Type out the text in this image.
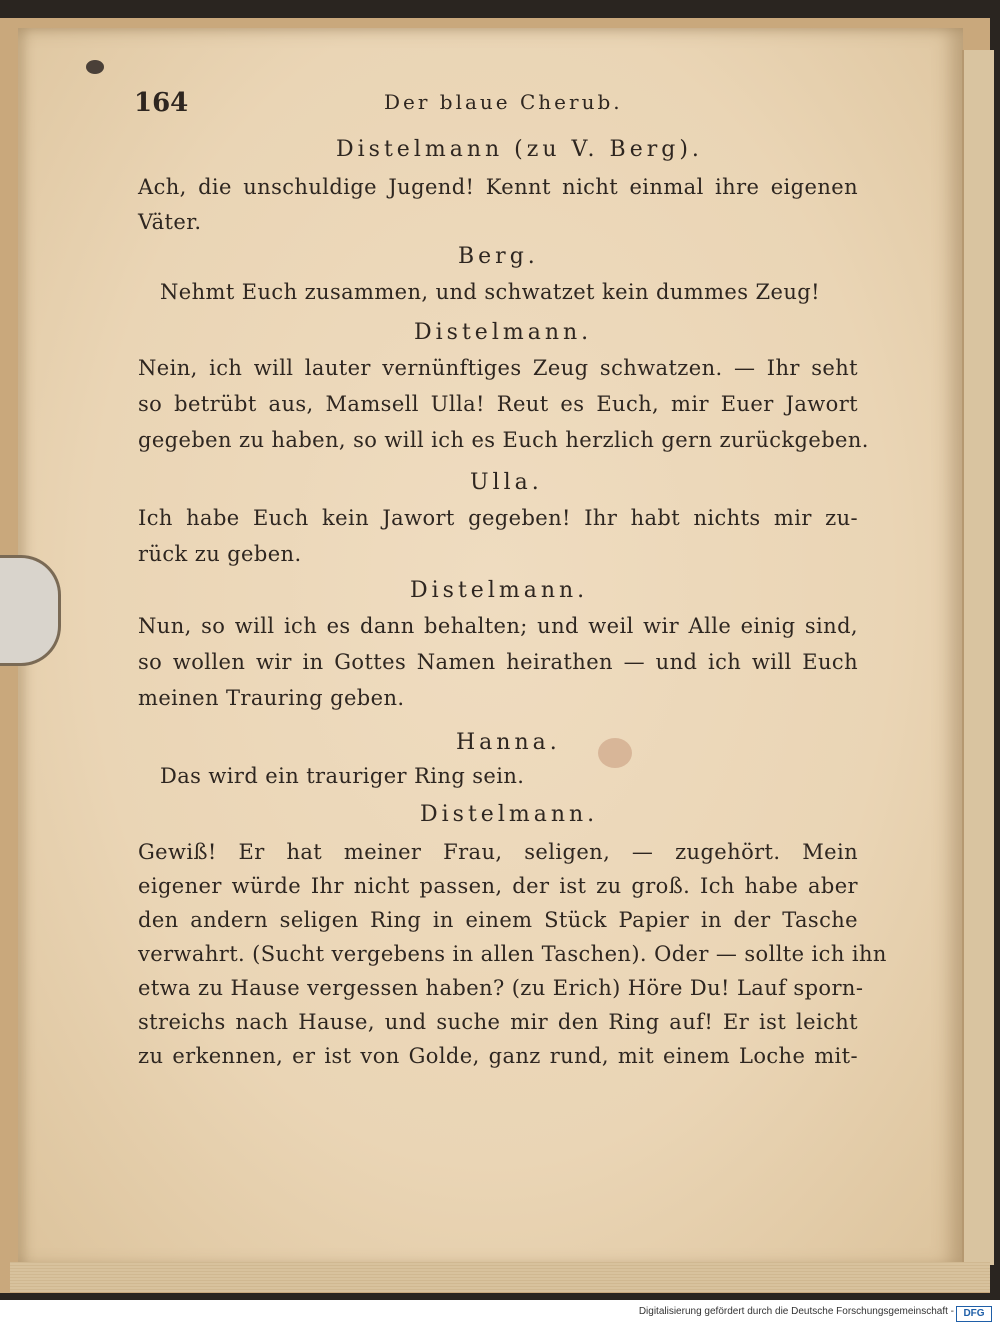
164	Der blaue Cherub.
Distelmann (zu V. Berg).
Ach, die unschuldige Jugend! Kennt nicht einmal ihre eigenen
Väter.
Berg.
Nehmt Euch zusammen, und schwatzet kein dummes Zeug!
Distelmann.
Nein, ich will lauter vernünftiges Zeug schwatzen. — Ihr seht
so betrübt aus, Mamsell Ulla! Reut es Euch, mir Euer Jawort
gegeben zu haben, so will ich es Euch herzlich gern zurückgeben.
Ulla.
Ich habe Euch kein Jawort gegeben! Ihr habt nichts mir zu-
rück zu geben.
Distelmann.
Nun, so will ich es dann behalten; und weil wir Alle einig sind,
so wollen wir in Gottes Namen heirathen — und ich will Euch
meinen Trauring geben.
Hanna.
Das wird ein trauriger Ring sein.
Distelmann.
Gewiß! Er hat meiner Frau, seligen, — zugehört. Mein
eigener würde Ihr nicht passen, der ist zu groß. Ich habe aber
den andern seligen Ring in einem Stück Papier in der Tasche
verwahrt. (Sucht vergebens in allen Taschen). Oder — sollte ich ihn
etwa zu Hause vergessen haben? (zu Erich) Höre Du! Lauf sporn-
streichs nach Hause, und suche mir den Ring auf! Er ist leicht
zu erkennen, er ist von Golde, ganz rund, mit einem Loche mit-
Digitalisierung gefördert durch die Deutsche Forschungsgemeinschaft - DFG
